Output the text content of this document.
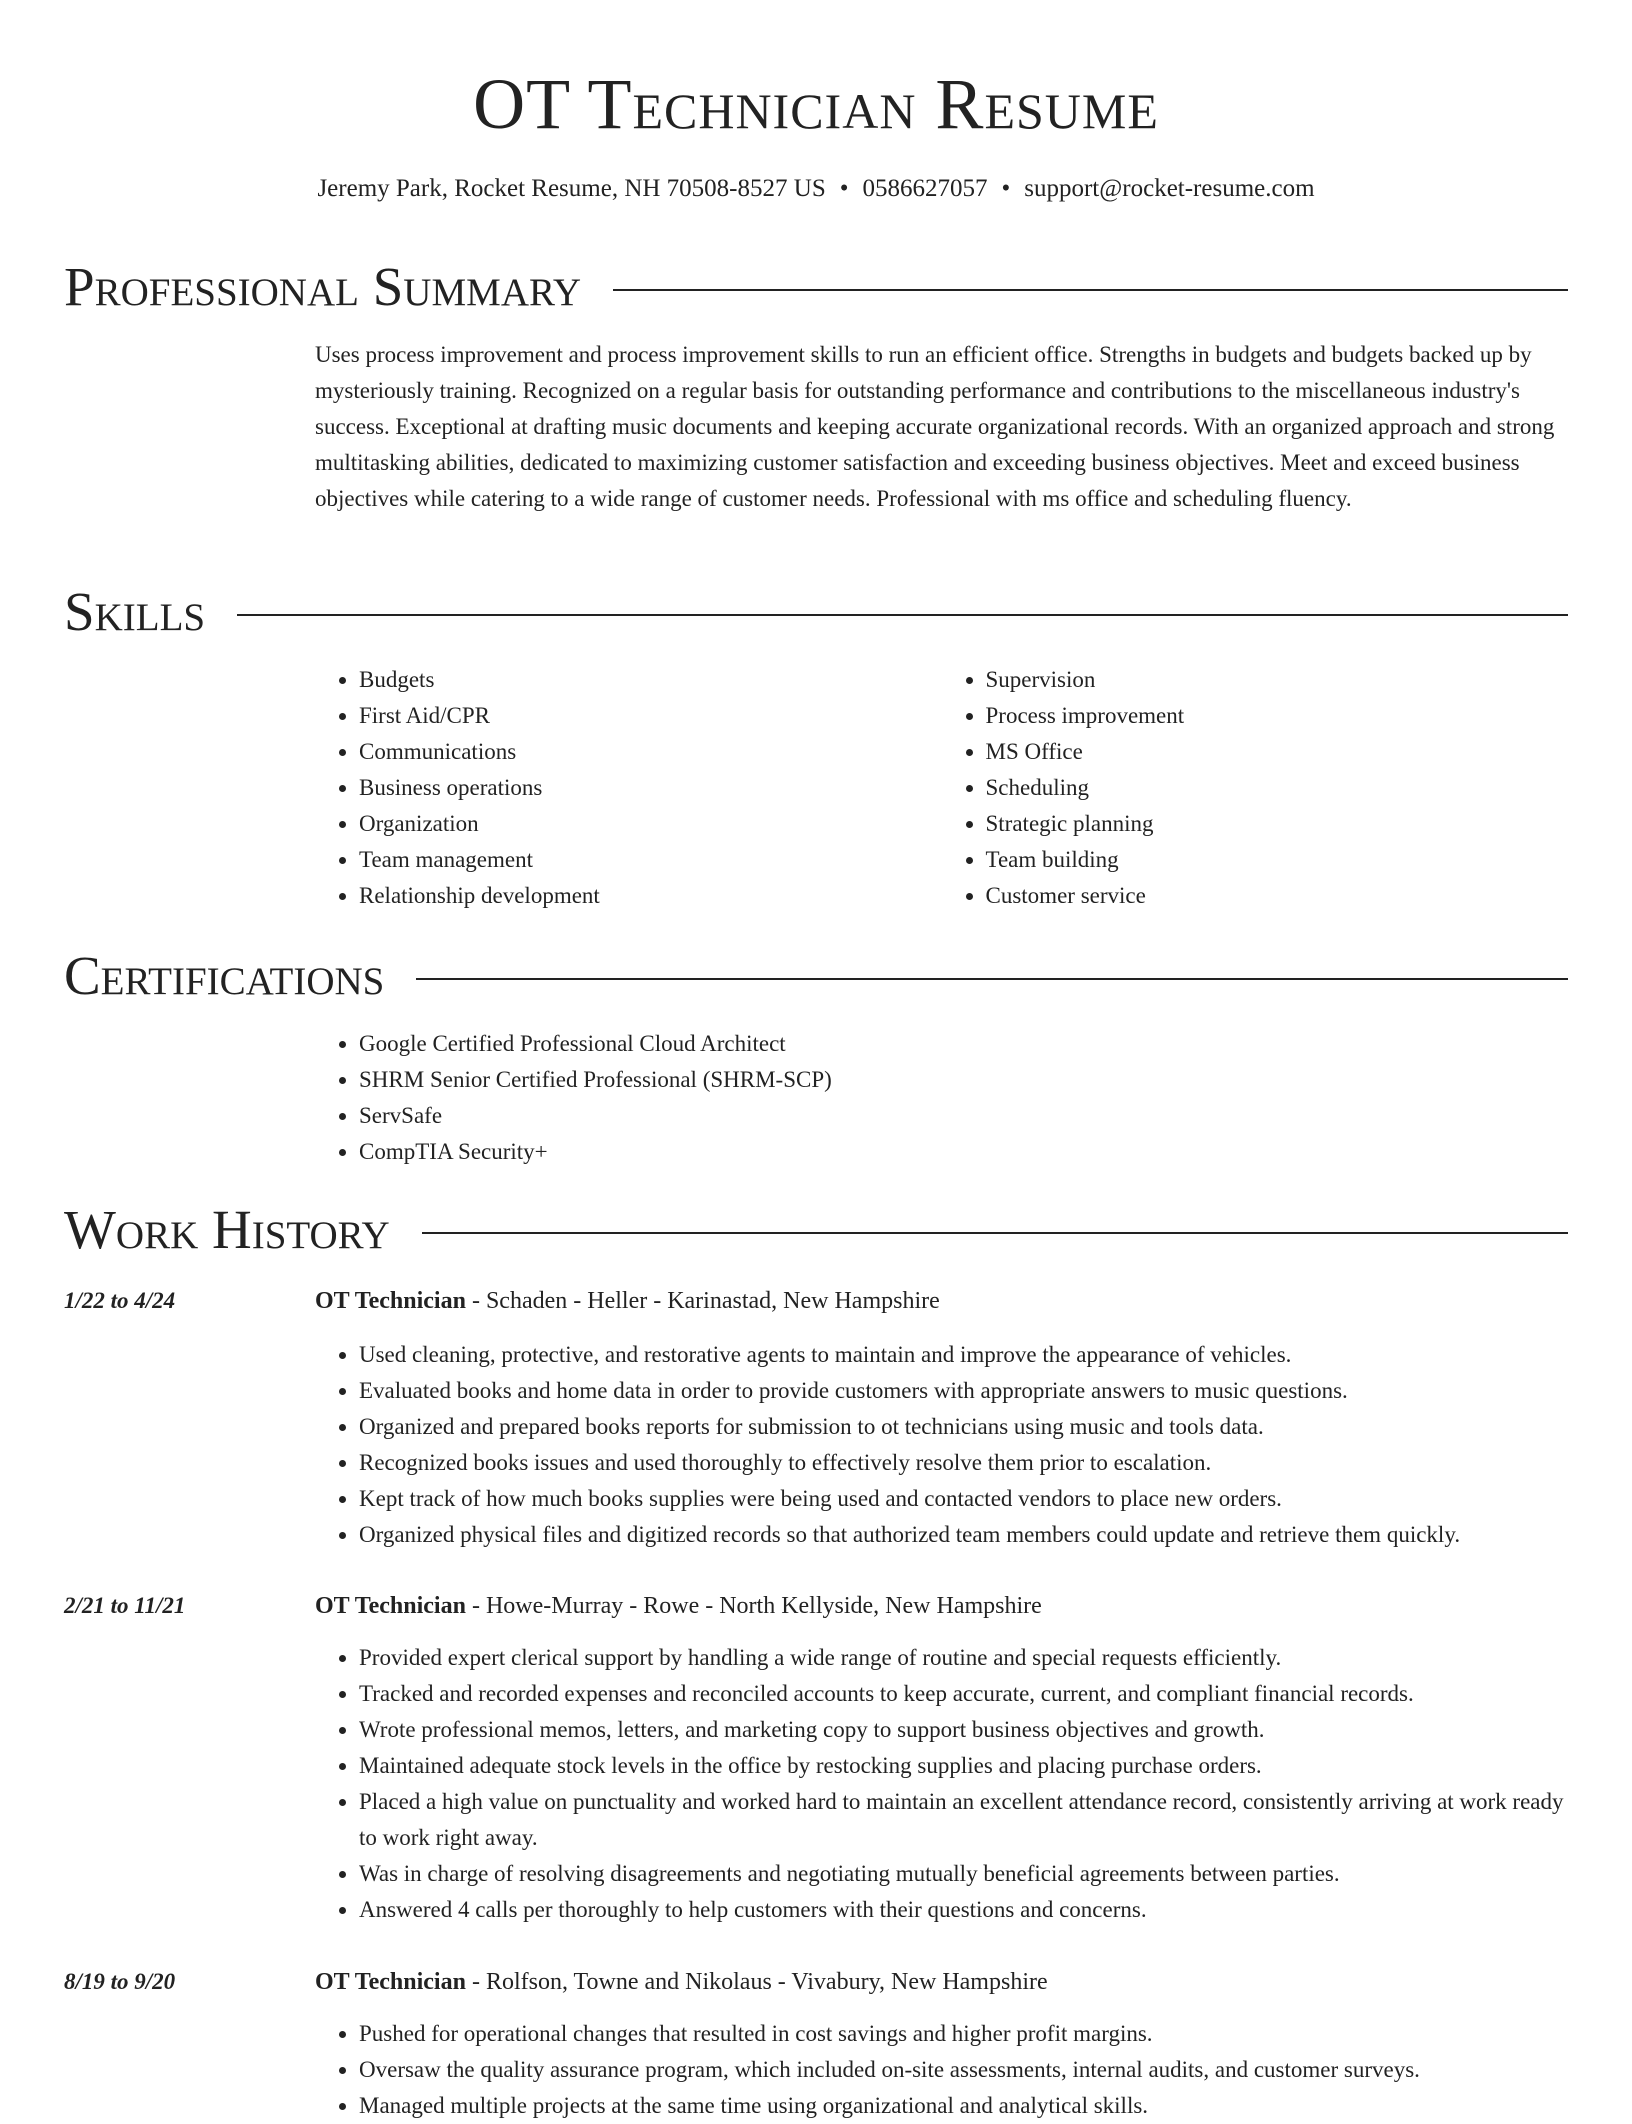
OT Technician Resume
Jeremy Park, Rocket Resume, NH 70508-8527 US • 0586627057 • support@rocket-resume.com
Professional Summary

Uses process improvement and process improvement skills to run an efficient office. Strengths in budgets and budgets backed up by mysteriously training. Recognized on a regular basis for outstanding performance and contributions to the miscellaneous industry's success. Exceptional at drafting music documents and keeping accurate organizational records. With an organized approach and strong multitasking abilities, dedicated to maximizing customer satisfaction and exceeding business objectives. Meet and exceed business objectives while catering to a wide range of customer needs. Professional with ms office and scheduling fluency.

Skills
• Budgets
• First Aid/CPR
• Communications
• Business operations
• Organization
• Team management
• Relationship development
• Supervision
• Process improvement
• MS Office
• Scheduling
• Strategic planning
• Team building
• Customer service
Certifications
• Google Certified Professional Cloud Architect
• SHRM Senior Certified Professional (SHRM-SCP)
• ServSafe
• CompTIA Security+
Work History
1/22 to 4/24	OT Technician - Schaden - Heller - Karinastad, New Hampshire
• Used cleaning, protective, and restorative agents to maintain and improve the appearance of vehicles.
• Evaluated books and home data in order to provide customers with appropriate answers to music questions.
• Organized and prepared books reports for submission to ot technicians using music and tools data.
• Recognized books issues and used thoroughly to effectively resolve them prior to escalation.
• Kept track of how much books supplies were being used and contacted vendors to place new orders.
• Organized physical files and digitized records so that authorized team members could update and retrieve them quickly.
2/21 to 11/21	OT Technician - Howe-Murray - Rowe - North Kellyside, New Hampshire
• Provided expert clerical support by handling a wide range of routine and special requests efficiently.
• Tracked and recorded expenses and reconciled accounts to keep accurate, current, and compliant financial records.
• Wrote professional memos, letters, and marketing copy to support business objectives and growth.
• Maintained adequate stock levels in the office by restocking supplies and placing purchase orders.
• Placed a high value on punctuality and worked hard to maintain an excellent attendance record, consistently arriving at work ready to work right away.
• Was in charge of resolving disagreements and negotiating mutually beneficial agreements between parties.
• Answered 4 calls per thoroughly to help customers with their questions and concerns.
8/19 to 9/20	OT Technician - Rolfson, Towne and Nikolaus - Vivabury, New Hampshire
• Pushed for operational changes that resulted in cost savings and higher profit margins.
• Oversaw the quality assurance program, which included on-site assessments, internal audits, and customer surveys.
• Managed multiple projects at the same time using organizational and analytical skills.
